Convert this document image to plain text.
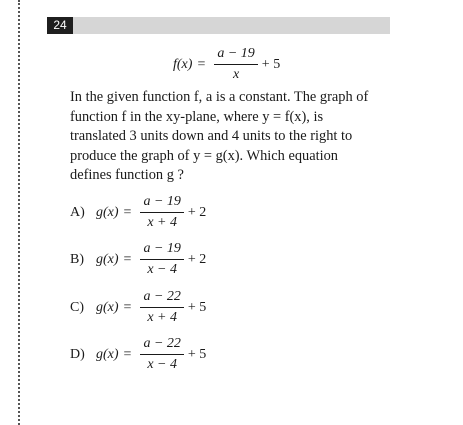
24
$f(x) = \frac{a - 19}{x} + 5$
In the given function f, a is a constant. The graph of function f in the xy-plane, where y = f(x), is translated 3 units down and 4 units to the right to produce the graph of y = g(x). Which equation defines function g ?
A) $g(x) = \frac{a - 19}{x + 4} + 2$
B) $g(x) = \frac{a - 19}{x - 4} + 2$
C) $g(x) = \frac{a - 22}{x + 4} + 5$
D) $g(x) = \frac{a - 22}{x - 4} + 5$
